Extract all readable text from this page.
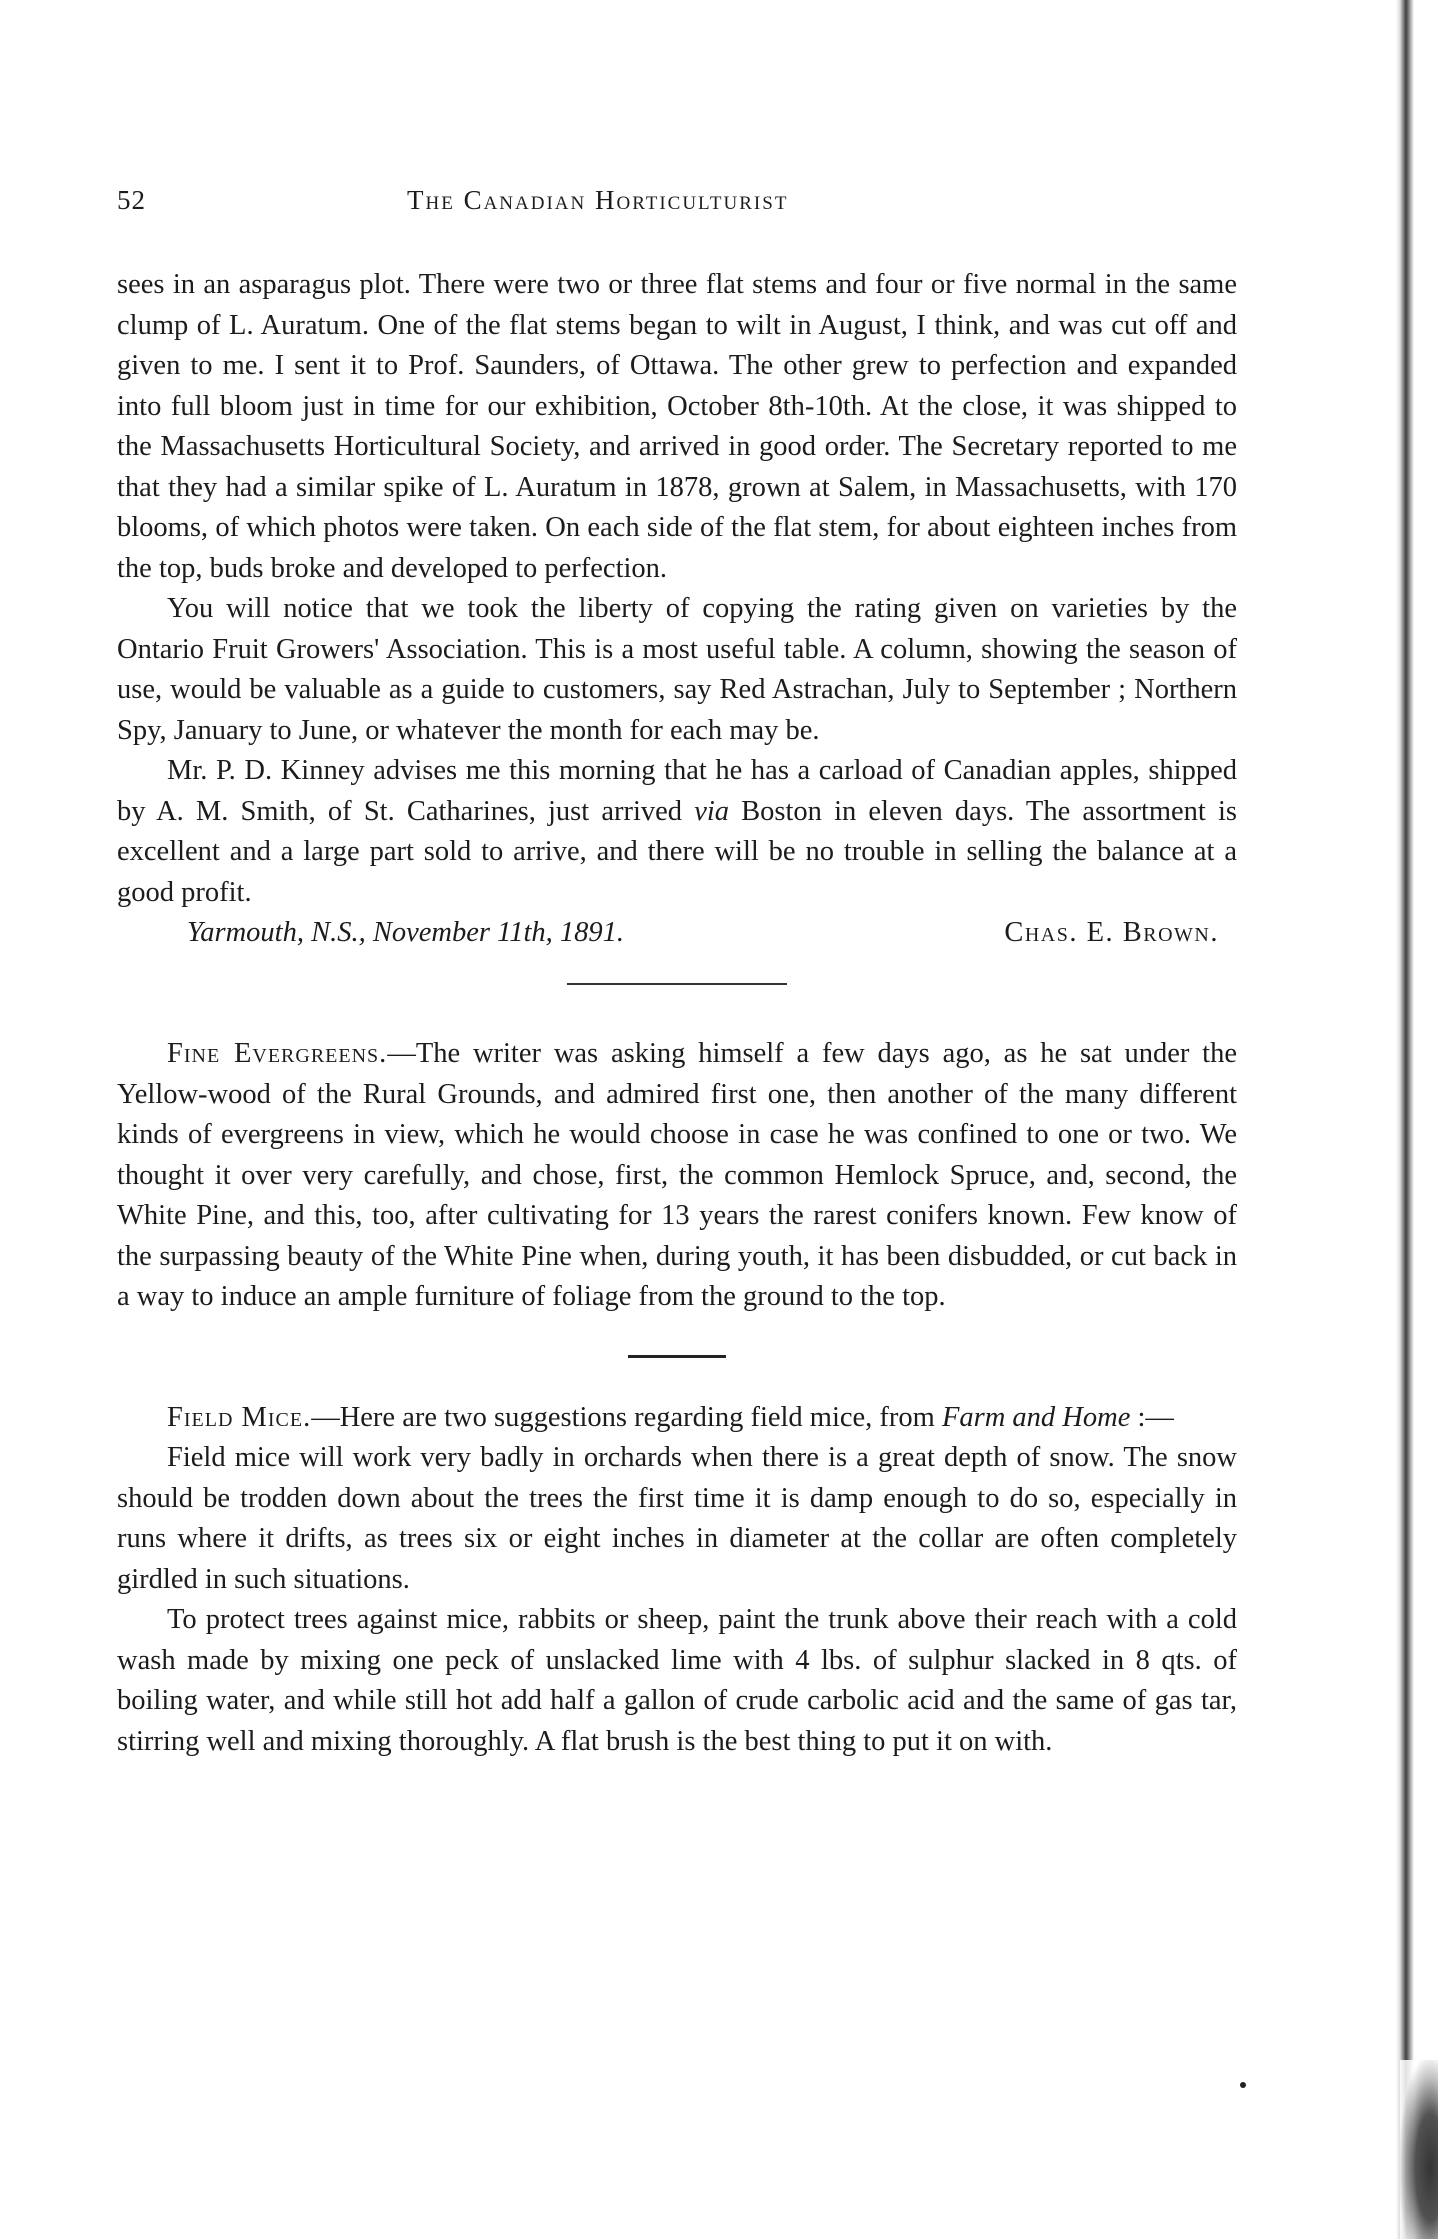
52	The Canadian Horticulturist

sees in an asparagus plot. There were two or three flat stems and four or five normal in the same clump of L. Auratum. One of the flat stems began to wilt in August, I think, and was cut off and given to me. I sent it to Prof. Saunders, of Ottawa. The other grew to perfection and expanded into full bloom just in time for our exhibition, October 8th-10th. At the close, it was shipped to the Massachusetts Horticultural Society, and arrived in good order. The Secretary reported to me that they had a similar spike of L. Auratum in 1878, grown at Salem, in Massachusetts, with 170 blooms, of which photos were taken. On each side of the flat stem, for about eighteen inches from the top, buds broke and developed to perfection.

You will notice that we took the liberty of copying the rating given on varieties by the Ontario Fruit Growers' Association. This is a most useful table. A column, showing the season of use, would be valuable as a guide to customers, say Red Astrachan, July to September ; Northern Spy, January to June, or whatever the month for each may be.

Mr. P. D. Kinney advises me this morning that he has a carload of Canadian apples, shipped by A. M. Smith, of St. Catharines, just arrived via Boston in eleven days. The assortment is excellent and a large part sold to arrive, and there will be no trouble in selling the balance at a good profit.

Yarmouth, N.S., November 11th, 1891.	Chas. E. Brown.

Fine Evergreens.—The writer was asking himself a few days ago, as he sat under the Yellow-wood of the Rural Grounds, and admired first one, then another of the many different kinds of evergreens in view, which he would choose in case he was confined to one or two. We thought it over very carefully, and chose, first, the common Hemlock Spruce, and, second, the White Pine, and this, too, after cultivating for 13 years the rarest conifers known. Few know of the surpassing beauty of the White Pine when, during youth, it has been disbudded, or cut back in a way to induce an ample furniture of foliage from the ground to the top.

Field Mice.—Here are two suggestions regarding field mice, from Farm and Home :—

Field mice will work very badly in orchards when there is a great depth of snow. The snow should be trodden down about the trees the first time it is damp enough to do so, especially in runs where it drifts, as trees six or eight inches in diameter at the collar are often completely girdled in such situations.

To protect trees against mice, rabbits or sheep, paint the trunk above their reach with a cold wash made by mixing one peck of unslacked lime with 4 lbs. of sulphur slacked in 8 qts. of boiling water, and while still hot add half a gallon of crude carbolic acid and the same of gas tar, stirring well and mixing thoroughly. A flat brush is the best thing to put it on with.
